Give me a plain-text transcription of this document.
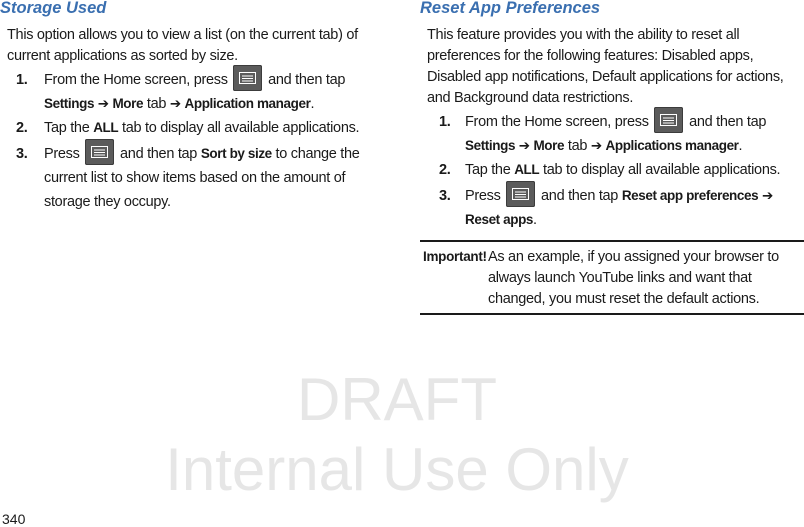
DRAFT
Internal Use Only
Storage Used

This option allows you to view a list (on the current tab) of current applications as sorted by size.

1. From the Home screen, press	and then tap
Settings ➔ More tab ➔ Application manager.
2. Tap the ALL tab to display all available applications.
3. Press	and then tap Sort by size to change the current list to show items based on the amount of storage they occupy.
Reset App Preferences

This feature provides you with the ability to reset all preferences for the following features: Disabled apps, Disabled app notifications, Default applications for actions, and Background data restrictions.

1. From the Home screen, press	and then tap
Settings ➔ More tab ➔ Applications manager.
2. Tap the ALL tab to display all available applications.
3. Press	and then tap Reset app preferences ➔
Reset apps.
Important! As an example, if you assigned your browser to always launch YouTube links and want that changed, you must reset the default actions.

340
